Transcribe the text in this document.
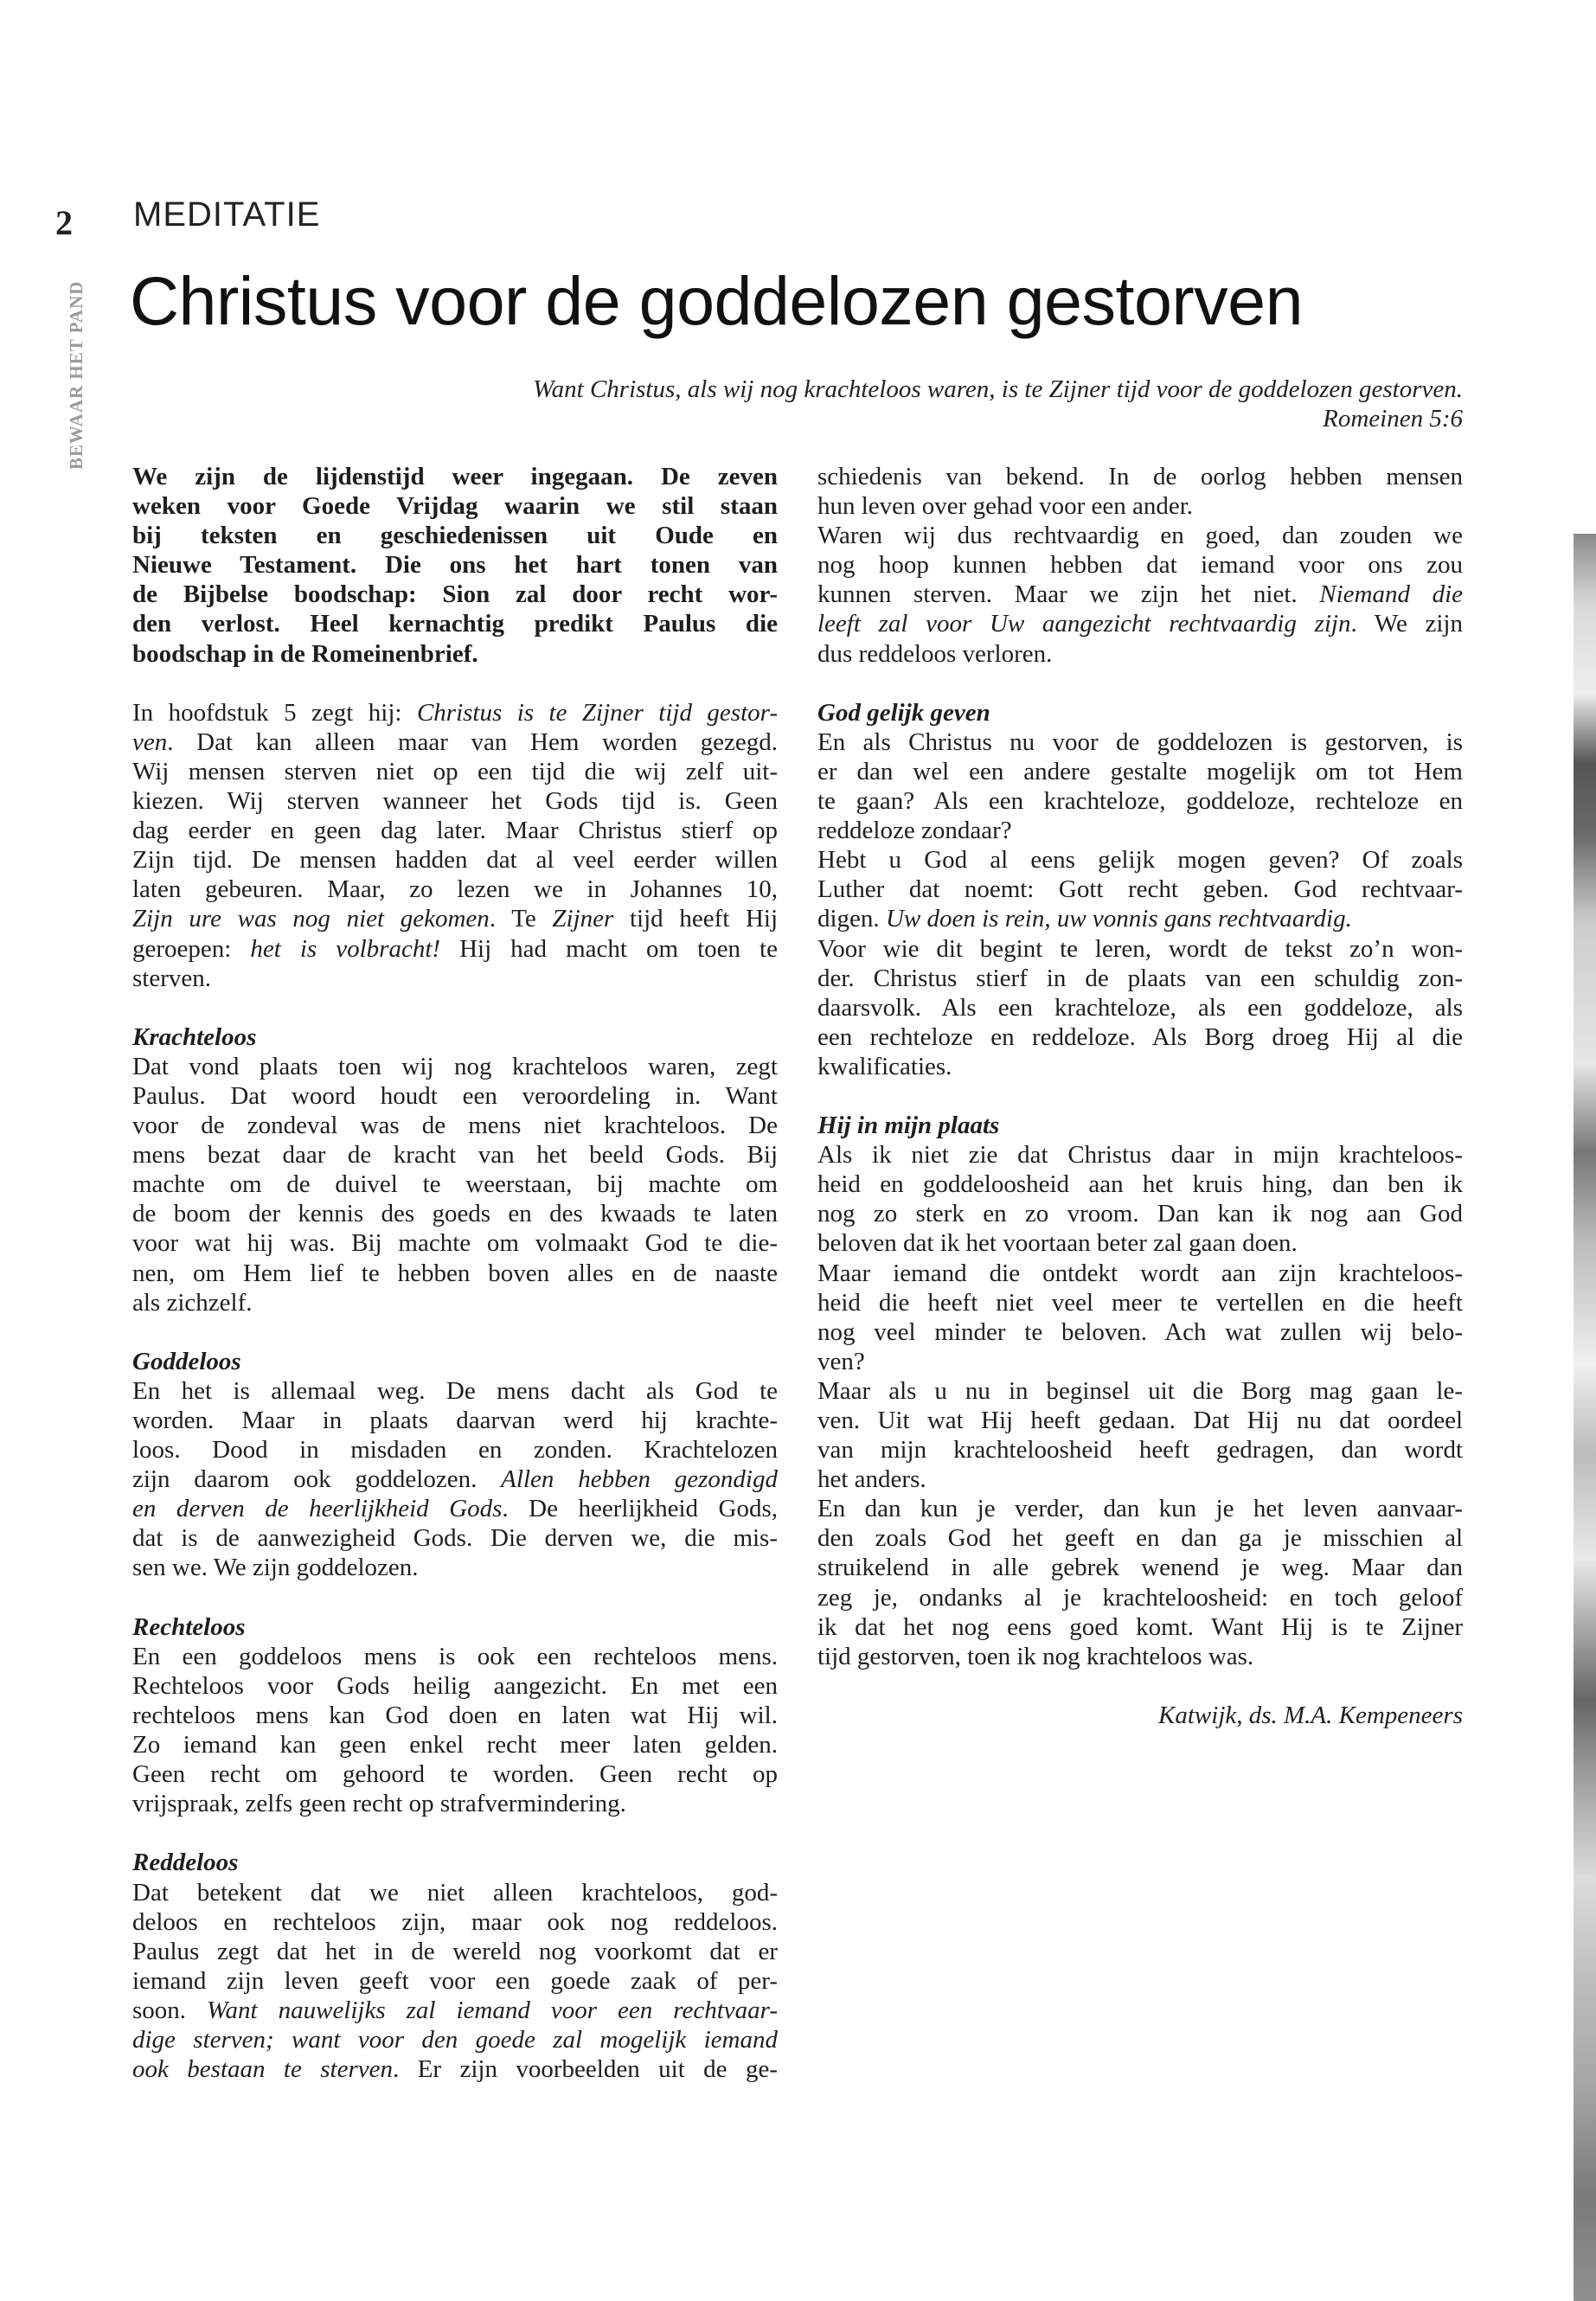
2
BEWAAR HET PAND
MEDITATIE
Christus voor de goddelozen gestorven
Want Christus, als wij nog krachteloos waren, is te Zijner tijd voor de goddelozen gestorven.
Romeinen 5:6
We zijn de lijdenstijd weer ingegaan. De zeven
weken voor Goede Vrijdag waarin we stil staan
bij teksten en geschiedenissen uit Oude en
Nieuwe Testament. Die ons het hart tonen van
de Bijbelse boodschap: Sion zal door recht wor-
den verlost. Heel kernachtig predikt Paulus die
boodschap in de Romeinenbrief.
In hoofdstuk 5 zegt hij: Christus is te Zijner tijd gestor-
ven. Dat kan alleen maar van Hem worden gezegd.
Wij mensen sterven niet op een tijd die wij zelf uit-
kiezen. Wij sterven wanneer het Gods tijd is. Geen
dag eerder en geen dag later. Maar Christus stierf op
Zijn tijd. De mensen hadden dat al veel eerder willen
laten gebeuren. Maar, zo lezen we in Johannes 10,
Zijn ure was nog niet gekomen. Te Zijner tijd heeft Hij
geroepen: het is volbracht! Hij had macht om toen te
sterven.
Krachteloos
Dat vond plaats toen wij nog krachteloos waren, zegt
Paulus. Dat woord houdt een veroordeling in. Want
voor de zondeval was de mens niet krachteloos. De
mens bezat daar de kracht van het beeld Gods. Bij
machte om de duivel te weerstaan, bij machte om
de boom der kennis des goeds en des kwaads te laten
voor wat hij was. Bij machte om volmaakt God te die-
nen, om Hem lief te hebben boven alles en de naaste
als zichzelf.
Goddeloos
En het is allemaal weg. De mens dacht als God te
worden. Maar in plaats daarvan werd hij krachte-
loos. Dood in misdaden en zonden. Krachtelozen
zijn daarom ook goddelozen. Allen hebben gezondigd
en derven de heerlijkheid Gods. De heerlijkheid Gods,
dat is de aanwezigheid Gods. Die derven we, die mis-
sen we. We zijn goddelozen.
Rechteloos
En een goddeloos mens is ook een rechteloos mens.
Rechteloos voor Gods heilig aangezicht. En met een
rechteloos mens kan God doen en laten wat Hij wil.
Zo iemand kan geen enkel recht meer laten gelden.
Geen recht om gehoord te worden. Geen recht op
vrijspraak, zelfs geen recht op strafvermindering.
Reddeloos
Dat betekent dat we niet alleen krachteloos, god-
deloos en rechteloos zijn, maar ook nog reddeloos.
Paulus zegt dat het in de wereld nog voorkomt dat er
iemand zijn leven geeft voor een goede zaak of per-
soon. Want nauwelijks zal iemand voor een rechtvaar-
dige sterven; want voor den goede zal mogelijk iemand
ook bestaan te sterven. Er zijn voorbeelden uit de ge-
schiedenis van bekend. In de oorlog hebben mensen
hun leven over gehad voor een ander.
Waren wij dus rechtvaardig en goed, dan zouden we
nog hoop kunnen hebben dat iemand voor ons zou
kunnen sterven. Maar we zijn het niet. Niemand die
leeft zal voor Uw aangezicht rechtvaardig zijn. We zijn
dus reddeloos verloren.
God gelijk geven
En als Christus nu voor de goddelozen is gestorven, is
er dan wel een andere gestalte mogelijk om tot Hem
te gaan? Als een krachteloze, goddeloze, rechteloze en
reddeloze zondaar?
Hebt u God al eens gelijk mogen geven? Of zoals
Luther dat noemt: Gott recht geben. God rechtvaar-
digen. Uw doen is rein, uw vonnis gans rechtvaardig.
Voor wie dit begint te leren, wordt de tekst zo’n won-
der. Christus stierf in de plaats van een schuldig zon-
daarsvolk. Als een krachteloze, als een goddeloze, als
een rechteloze en reddeloze. Als Borg droeg Hij al die
kwalificaties.
Hij in mijn plaats
Als ik niet zie dat Christus daar in mijn krachteloos-
heid en goddeloosheid aan het kruis hing, dan ben ik
nog zo sterk en zo vroom. Dan kan ik nog aan God
beloven dat ik het voortaan beter zal gaan doen.
Maar iemand die ontdekt wordt aan zijn krachteloos-
heid die heeft niet veel meer te vertellen en die heeft
nog veel minder te beloven. Ach wat zullen wij belo-
ven?
Maar als u nu in beginsel uit die Borg mag gaan le-
ven. Uit wat Hij heeft gedaan. Dat Hij nu dat oordeel
van mijn krachteloosheid heeft gedragen, dan wordt
het anders.
En dan kun je verder, dan kun je het leven aanvaar-
den zoals God het geeft en dan ga je misschien al
struikelend in alle gebrek wenend je weg. Maar dan
zeg je, ondanks al je krachteloosheid: en toch geloof
ik dat het nog eens goed komt. Want Hij is te Zijner
tijd gestorven, toen ik nog krachteloos was.
Katwijk, ds. M.A. Kempeneers
